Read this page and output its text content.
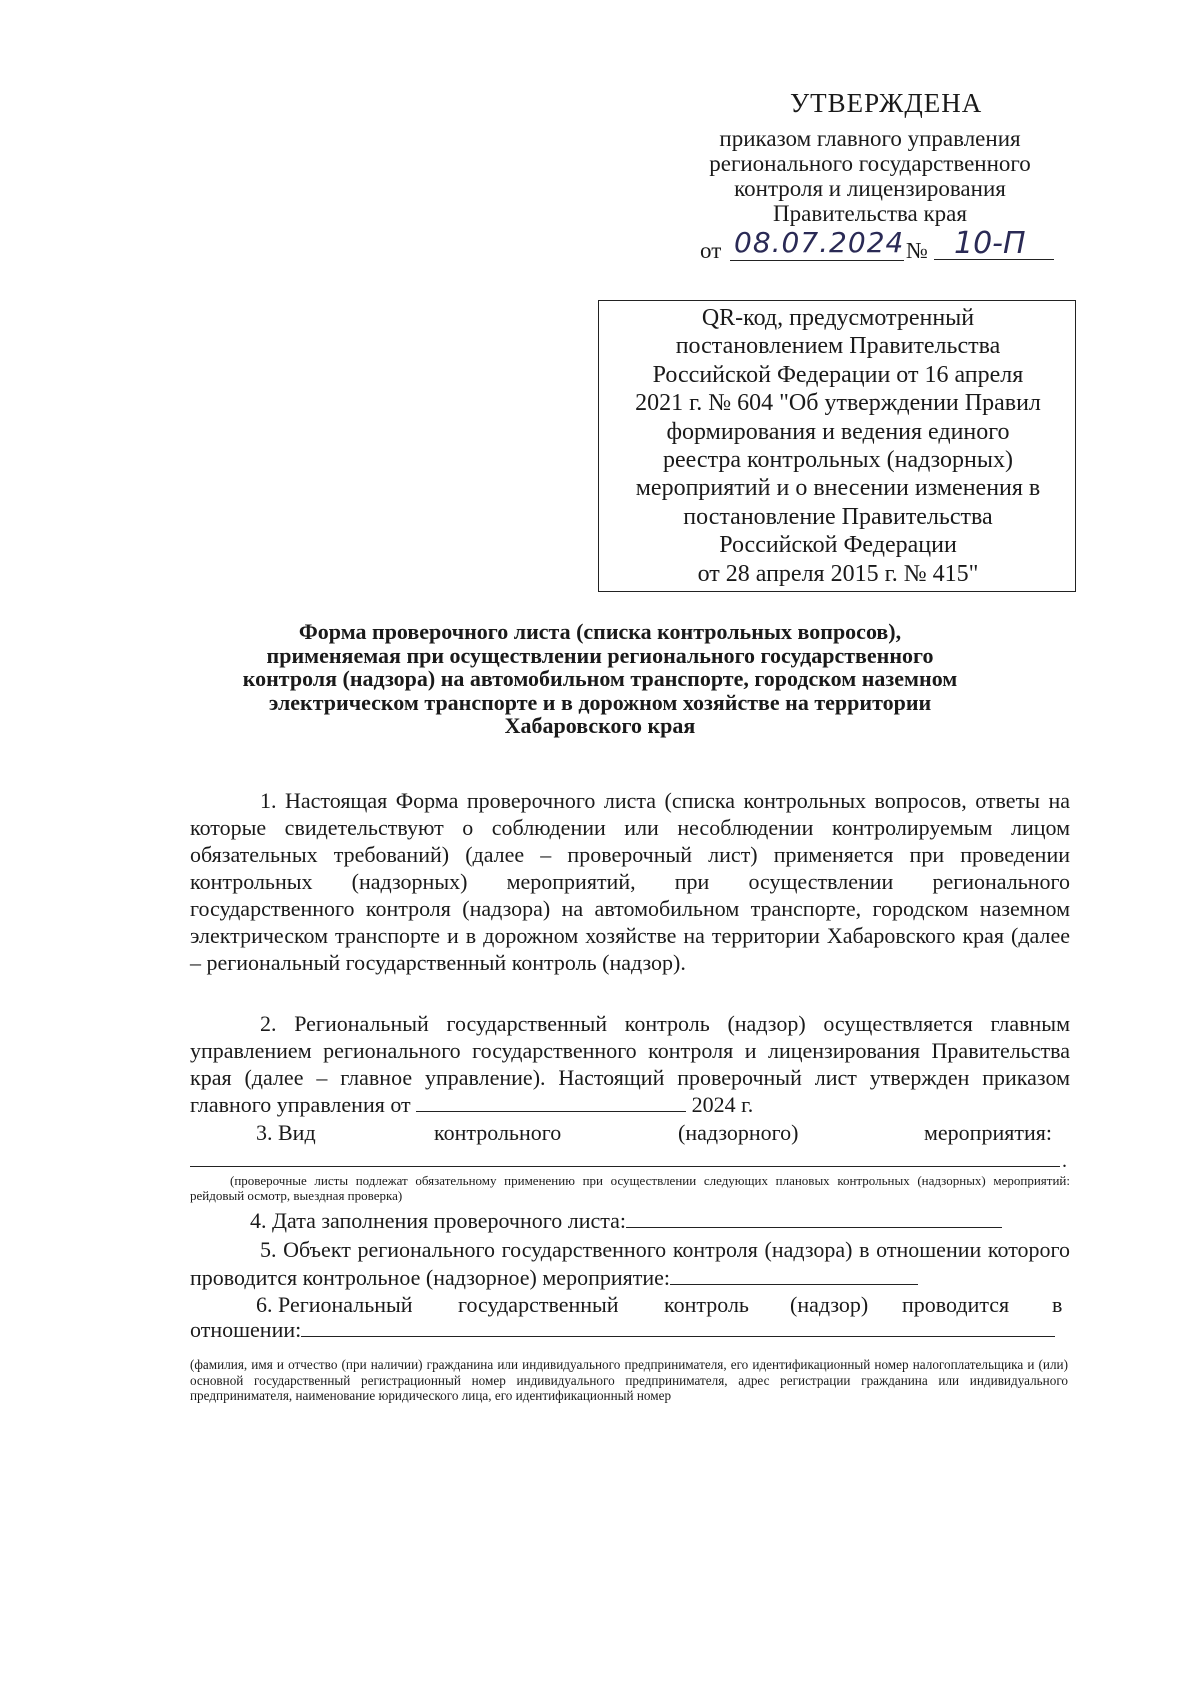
УТВЕРЖДЕНА
приказом главного управления
регионального государственного
контроля и лицензирования
Правительства края
от 08.07.2024 № 10-П
QR-код, предусмотренный
постановлением Правительства
Российской Федерации от 16 апреля
2021 г. № 604 "Об утверждении Правил
формирования и ведения единого
реестра контрольных (надзорных)
мероприятий и о внесении изменения в
постановление Правительства
Российской Федерации
от 28 апреля 2015 г. № 415"
Форма проверочного листа (списка контрольных вопросов),
применяемая при осуществлении регионального государственного
контроля (надзора) на автомобильном транспорте, городском наземном
электрическом транспорте и в дорожном хозяйстве на территории
Хабаровского края
1. Настоящая Форма проверочного листа (списка контрольных вопросов, ответы на которые свидетельствуют о соблюдении или несоблюдении контролируемым лицом обязательных требований) (далее – проверочный лист) применяется при проведении контрольных (надзорных) мероприятий, при осуществлении регионального государственного контроля (надзора) на автомобильном транспорте, городском наземном электрическом транспорте и в дорожном хозяйстве на территории Хабаровского края (далее – региональный государственный контроль (надзор).
2. Региональный государственный контроль (надзор) осуществляется главным управлением регионального государственного контроля и лицензирования Правительства края (далее – главное управление). Настоящий проверочный лист утвержден приказом главного управления от	2024 г.
3. Вид	контрольного	(надзорного)	мероприятия:
.
(проверочные листы подлежат обязательному применению при осуществлении следующих плановых контрольных (надзорных) мероприятий: рейдовый осмотр, выездная проверка)
4. Дата заполнения проверочного листа:
5. Объект регионального государственного контроля (надзора) в отношении которого проводится контрольное (надзорное) мероприятие:
6. Региональный государственный контроль (надзор) проводится в
отношении:
(фамилия, имя и отчество (при наличии) гражданина или индивидуального предпринимателя, его идентификационный номер налогоплательщика и (или) основной государственный регистрационный номер индивидуального предпринимателя, адрес регистрации гражданина или индивидуального предпринимателя, наименование юридического лица, его идентификационный номер
